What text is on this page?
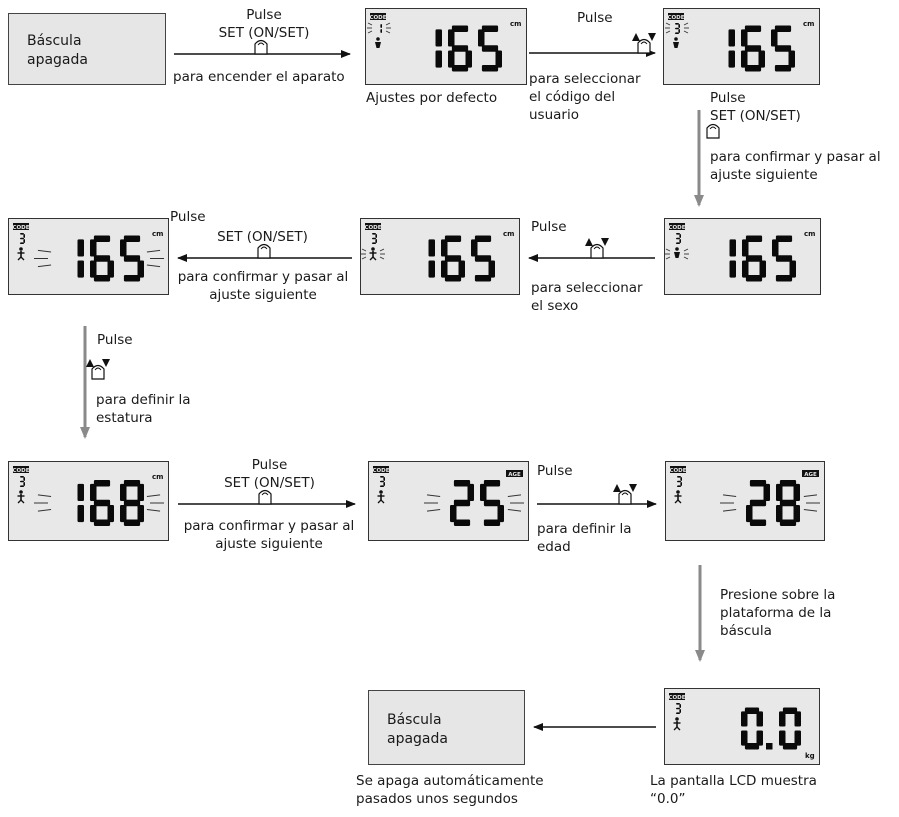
Báscula
apagada
Báscula
apagada
CODE
cm
CODE
cm
CODE
cm
CODE
cm
CODE
cm
CODE
cm
CODE
AGE
CODE
AGE
CODE
kg
Pulse
SET (ON/SET)
para encender el aparato
Ajustes por defecto
Pulse
para seleccionar
el código del
usuario
Pulse
SET (ON/SET)
para confirmar y pasar al
ajuste siguiente
Pulse
para seleccionar
el sexo
Pulse
SET (ON/SET)
para confirmar y pasar al
ajuste siguiente
Pulse
para definir la
estatura
Pulse
SET (ON/SET)
para confirmar y pasar al
ajuste siguiente
Pulse
para definir la
edad
Presione sobre la
plataforma de la
báscula
Se apaga automáticamente
pasados unos segundos
La pantalla LCD muestra
“0.0”
